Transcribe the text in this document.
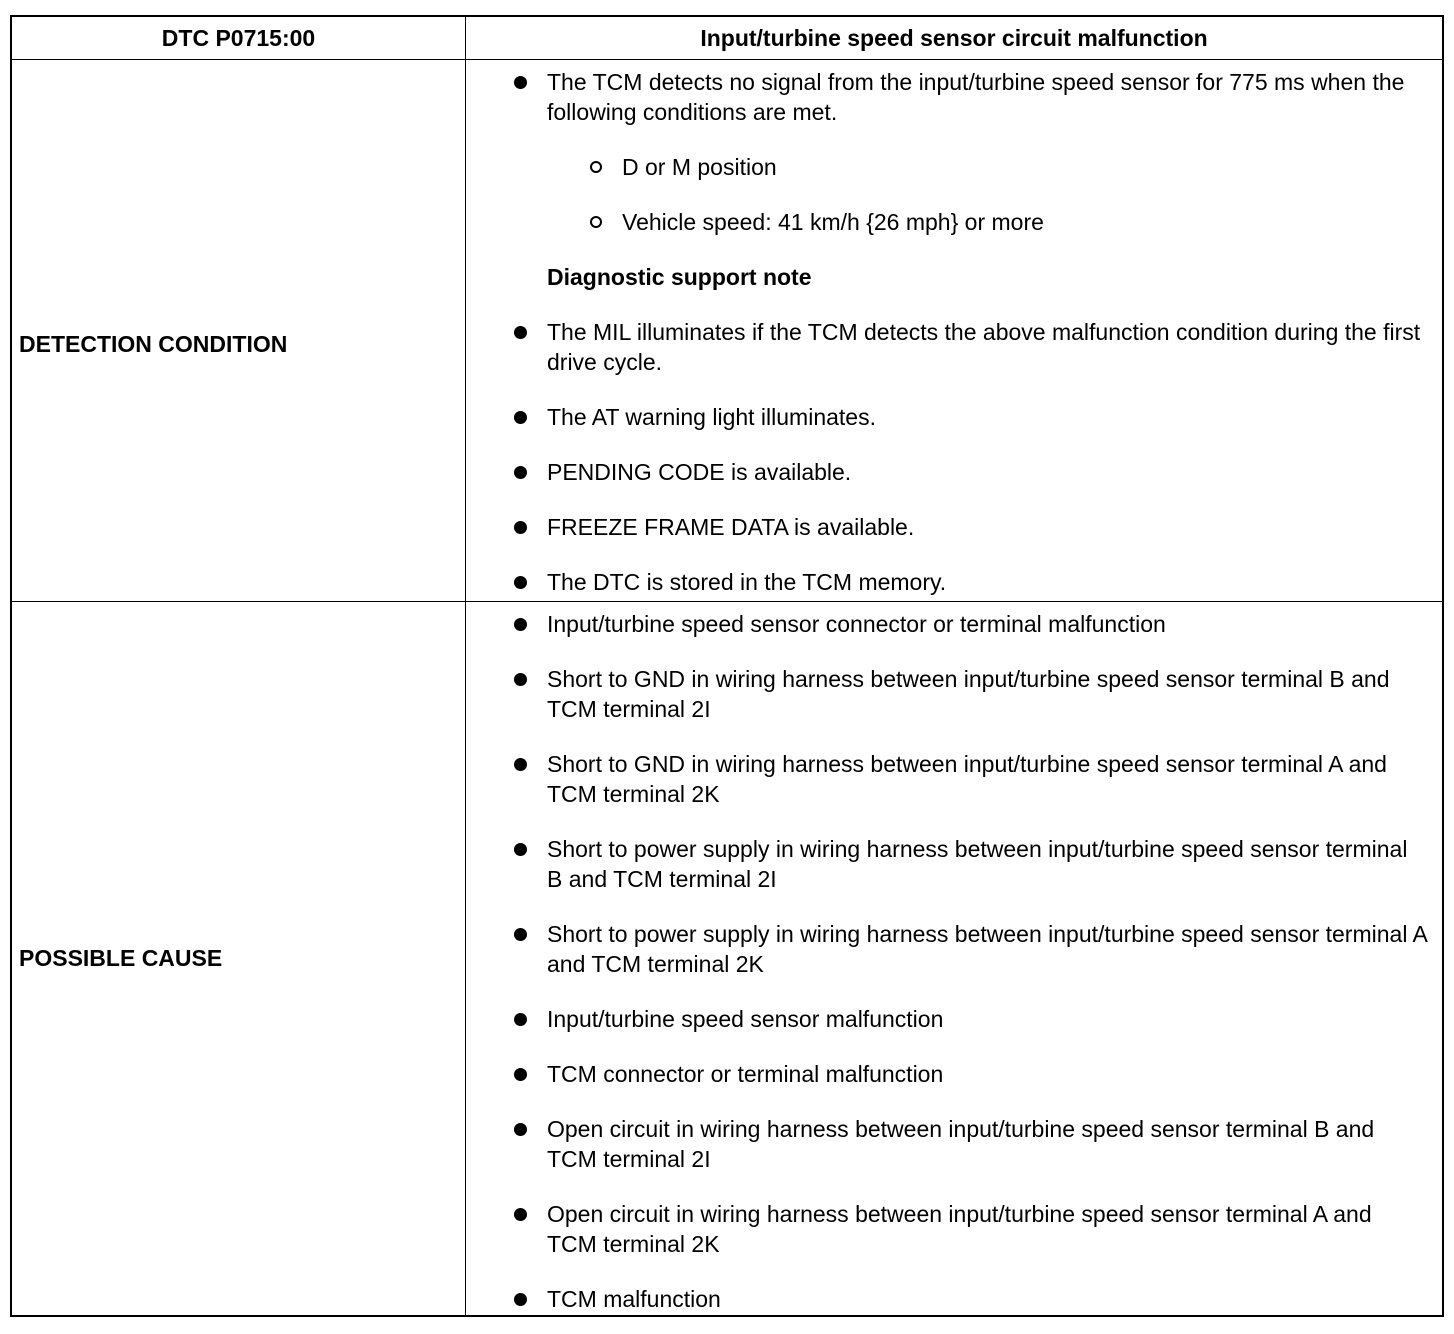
DTC P0715:00	Input/turbine speed sensor circuit malfunction
DETECTION CONDITION
The TCM detects no signal from the input/turbine speed sensor for 775 ms when the following conditions are met.
D or M position
Vehicle speed: 41 km/h {26 mph} or more
Diagnostic support note
The MIL illuminates if the TCM detects the above malfunction condition during the first drive cycle.
The AT warning light illuminates.
PENDING CODE is available.
FREEZE FRAME DATA is available.
The DTC is stored in the TCM memory.
POSSIBLE CAUSE
Input/turbine speed sensor connector or terminal malfunction
Short to GND in wiring harness between input/turbine speed sensor terminal B and TCM terminal 2I
Short to GND in wiring harness between input/turbine speed sensor terminal A and TCM terminal 2K
Short to power supply in wiring harness between input/turbine speed sensor terminal B and TCM terminal 2I
Short to power supply in wiring harness between input/turbine speed sensor terminal A and TCM terminal 2K
Input/turbine speed sensor malfunction
TCM connector or terminal malfunction
Open circuit in wiring harness between input/turbine speed sensor terminal B and TCM terminal 2I
Open circuit in wiring harness between input/turbine speed sensor terminal A and TCM terminal 2K
TCM malfunction
